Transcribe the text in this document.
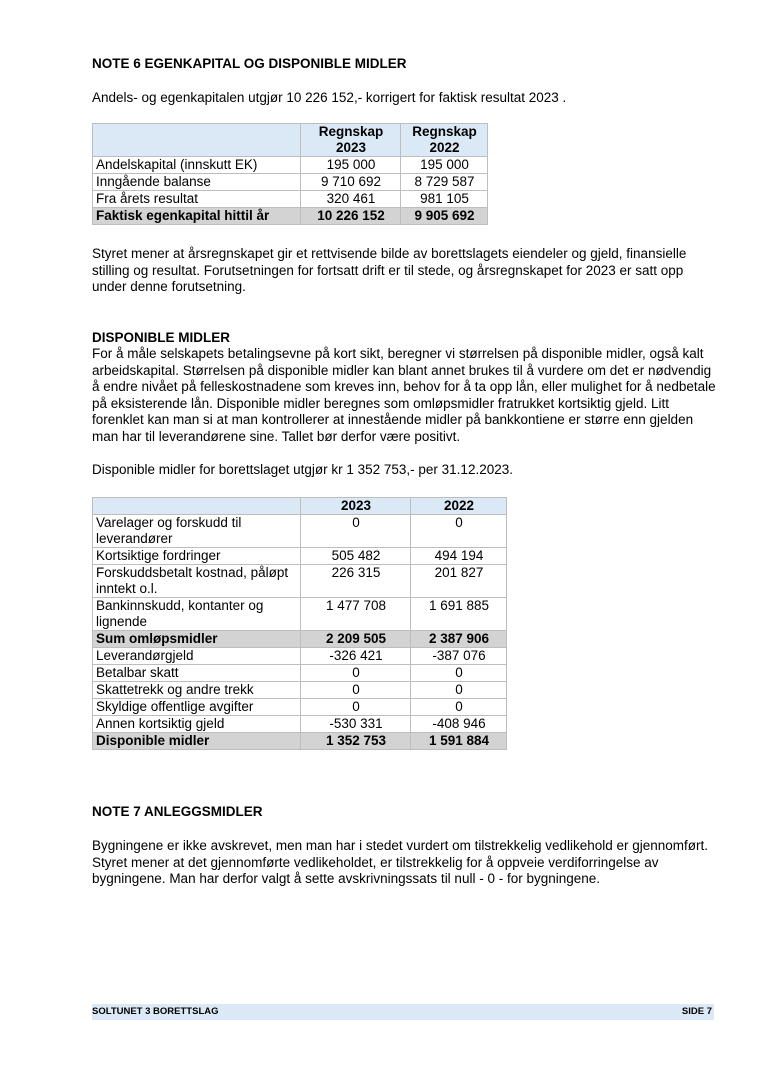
NOTE 6 EGENKAPITAL OG DISPONIBLE MIDLER
Andels- og egenkapitalen utgjør 10 226 152,- korrigert for faktisk resultat 2023 .
	Regnskap 2023	Regnskap 2022
Andelskapital (innskutt EK)	195 000	195 000
Inngående balanse	9 710 692	8 729 587
Fra årets resultat	320 461	981 105
Faktisk egenkapital hittil år	10 226 152	9 905 692
Styret mener at årsregnskapet gir et rettvisende bilde av borettslagets eiendeler og gjeld, finansielle stilling og resultat. Forutsetningen for fortsatt drift er til stede, og årsregnskapet for 2023 er satt opp under denne forutsetning.
DISPONIBLE MIDLER
For å måle selskapets betalingsevne på kort sikt, beregner vi størrelsen på disponible midler, også kalt arbeidskapital. Størrelsen på disponible midler kan blant annet brukes til å vurdere om det er nødvendig å endre nivået på felleskostnadene som kreves inn, behov for å ta opp lån, eller mulighet for å nedbetale på eksisterende lån. Disponible midler beregnes som omløpsmidler fratrukket kortsiktig gjeld. Litt forenklet kan man si at man kontrollerer at innestående midler på bankkontiene er større enn gjelden man har til leverandørene sine. Tallet bør derfor være positivt.
Disponible midler for borettslaget utgjør kr 1 352 753,- per 31.12.2023.
	2023	2022
Varelager og forskudd til leverandører	0	0
Kortsiktige fordringer	505 482	494 194
Forskuddsbetalt kostnad, påløpt inntekt o.l.	226 315	201 827
Bankinnskudd, kontanter og lignende	1 477 708	1 691 885
Sum omløpsmidler	2 209 505	2 387 906
Leverandørgjeld	-326 421	-387 076
Betalbar skatt	0	0
Skattetrekk og andre trekk	0	0
Skyldige offentlige avgifter	0	0
Annen kortsiktig gjeld	-530 331	-408 946
Disponible midler	1 352 753	1 591 884
NOTE 7 ANLEGGSMIDLER
Bygningene er ikke avskrevet, men man har i stedet vurdert om tilstrekkelig vedlikehold er gjennomført. Styret mener at det gjennomførte vedlikeholdet, er tilstrekkelig for å oppveie verdiforringelse av bygningene. Man har derfor valgt å sette avskrivningssats til null - 0 - for bygningene.
SOLTUNET 3 BORETTSLAG	SIDE 7
